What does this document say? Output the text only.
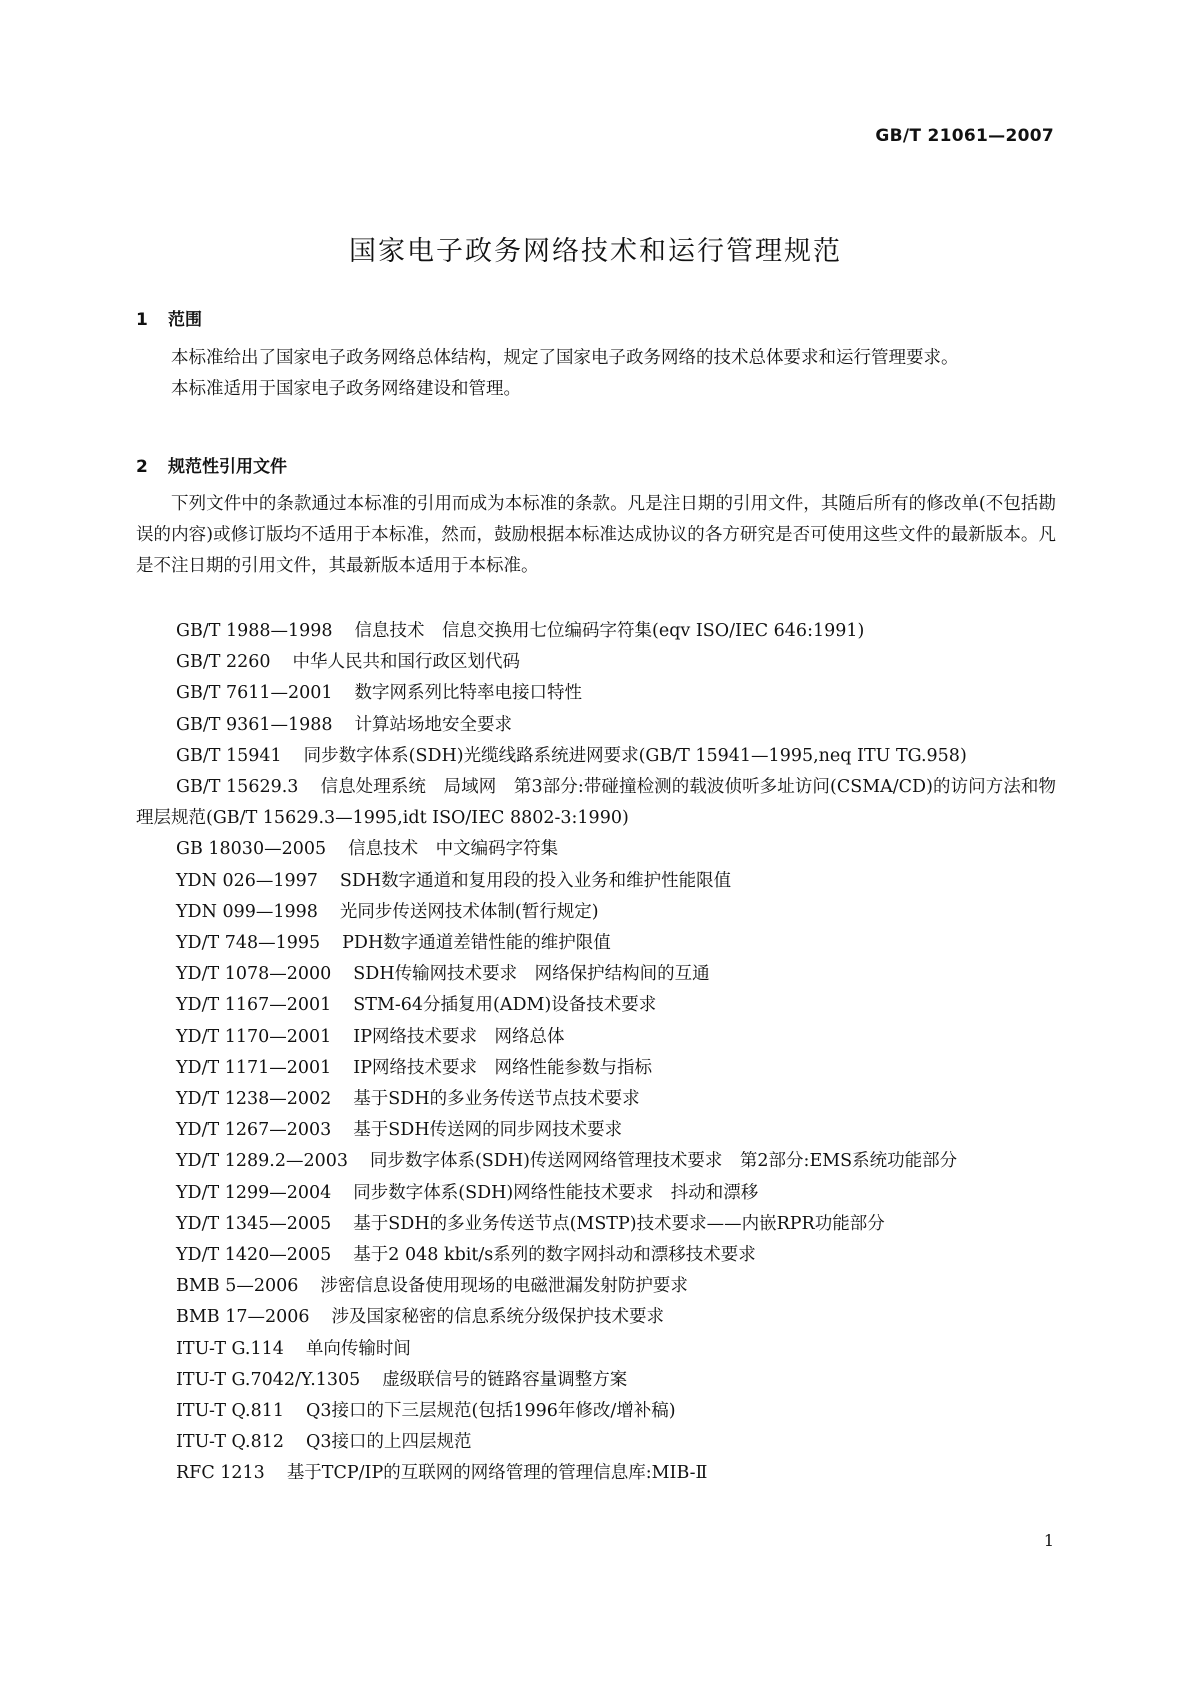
GB/T 21061—2007
国家电子政务网络技术和运行管理规范
1 范围

本标准给出了国家电子政务网络总体结构，规定了国家电子政务网络的技术总体要求和运行管理要求。

本标准适用于国家电子政务网络建设和管理。

2 规范性引用文件

下列文件中的条款通过本标准的引用而成为本标准的条款。凡是注日期的引用文件，其随后所有的修改单(不包括勘误的内容)或修订版均不适用于本标准，然而，鼓励根据本标准达成协议的各方研究是否可使用这些文件的最新版本。凡是不注日期的引用文件，其最新版本适用于本标准。

GB/T 1988—1998 信息技术　信息交换用七位编码字符集(eqv ISO/IEC 646:1991)
GB/T 2260 中华人民共和国行政区划代码
GB/T 7611—2001 数字网系列比特率电接口特性
GB/T 9361—1988 计算站场地安全要求
GB/T 15941 同步数字体系(SDH)光缆线路系统进网要求(GB/T 15941—1995,neq ITU TG.958)
GB/T 15629.3 信息处理系统　局域网　第3部分:带碰撞检测的载波侦听多址访问(CSMA/CD)的访问方法和物理层规范(GB/T 15629.3—1995,idt ISO/IEC 8802-3:1990)
GB 18030—2005 信息技术　中文编码字符集
YDN 026—1997 SDH数字通道和复用段的投入业务和维护性能限值
YDN 099—1998 光同步传送网技术体制(暂行规定)
YD/T 748—1995 PDH数字通道差错性能的维护限值
YD/T 1078—2000 SDH传输网技术要求　网络保护结构间的互通
YD/T 1167—2001 STM-64分插复用(ADM)设备技术要求
YD/T 1170—2001 IP网络技术要求　网络总体
YD/T 1171—2001 IP网络技术要求　网络性能参数与指标
YD/T 1238—2002 基于SDH的多业务传送节点技术要求
YD/T 1267—2003 基于SDH传送网的同步网技术要求
YD/T 1289.2—2003 同步数字体系(SDH)传送网网络管理技术要求　第2部分:EMS系统功能部分
YD/T 1299—2004 同步数字体系(SDH)网络性能技术要求　抖动和漂移
YD/T 1345—2005 基于SDH的多业务传送节点(MSTP)技术要求——内嵌RPR功能部分
YD/T 1420—2005 基于2 048 kbit/s系列的数字网抖动和漂移技术要求
BMB 5—2006 涉密信息设备使用现场的电磁泄漏发射防护要求
BMB 17—2006 涉及国家秘密的信息系统分级保护技术要求
ITU-T G.114 单向传输时间
ITU-T G.7042/Y.1305 虚级联信号的链路容量调整方案
ITU-T Q.811 Q3接口的下三层规范(包括1996年修改/增补稿)
ITU-T Q.812 Q3接口的上四层规范
RFC 1213 基于TCP/IP的互联网的网络管理的管理信息库:MIB-Ⅱ
1
